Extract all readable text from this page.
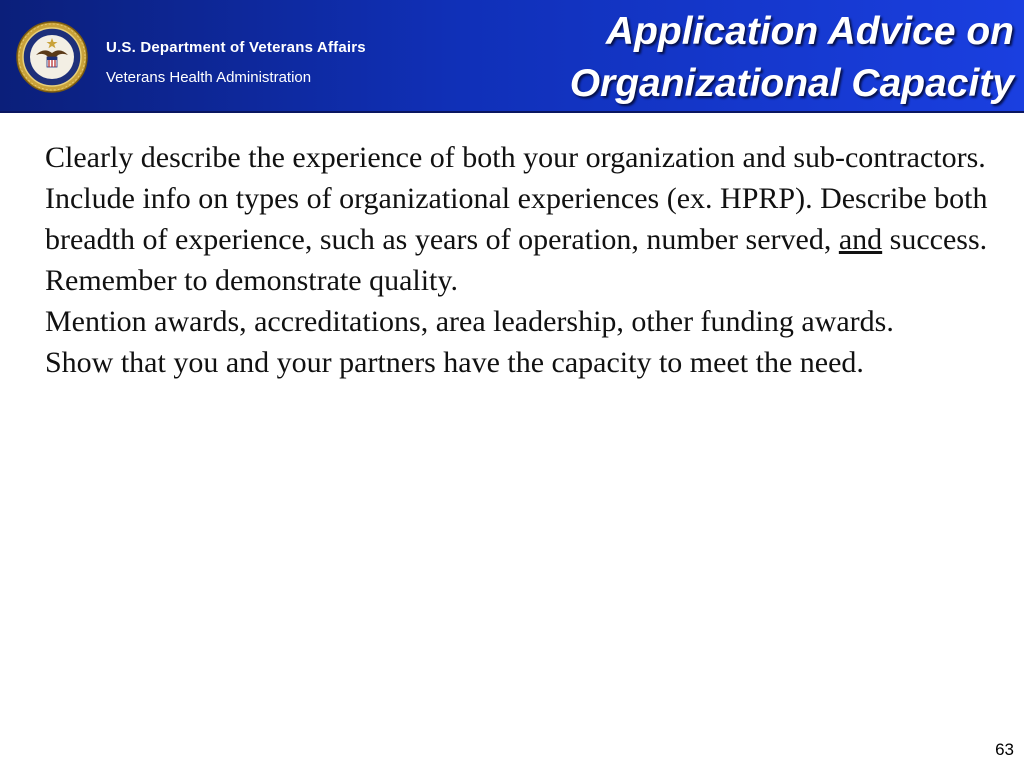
U.S. Department of Veterans Affairs
Veterans Health Administration
Application Advice on
Organizational Capacity

Clearly describe the experience of both your organization and sub-contractors. Include info on types of organizational experiences (ex. HPRP). Describe both breadth of experience, such as years of operation, number served, and success. Remember to demonstrate quality.

Mention awards, accreditations, area leadership, other funding awards.

Show that you and your partners have the capacity to meet the need.

63
